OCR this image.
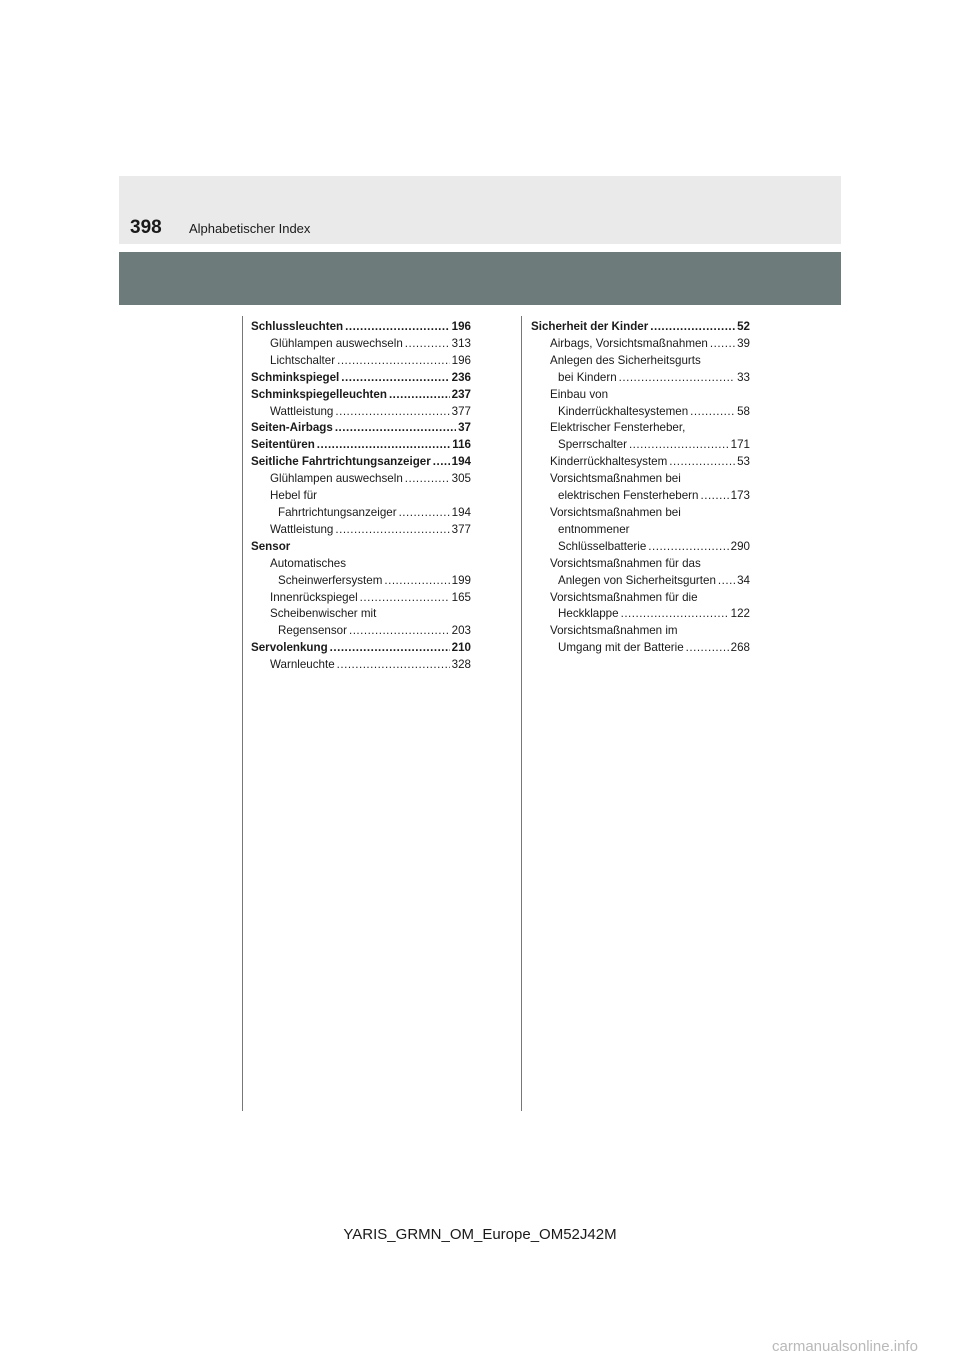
398 Alphabetischer Index
Schlussleuchten .....	196
Glühlampen auswechseln .....	313
Lichtschalter .....	196
Schminkspiegel .....	236
Schminkspiegelleuchten .....	237
Wattleistung .....	377
Seiten-Airbags .....	37
Seitentüren .....	116
Seitliche Fahrtrichtungsanzeiger ..... 194
Glühlampen auswechseln .....	305
Hebel für
Fahrtrichtungsanzeiger .....	194
Wattleistung .....	377
Sensor
Automatisches
Scheinwerfersystem .....	199
Innenrückspiegel .....	165
Scheibenwischer mit
Regensensor .....	203
Servolenkung .....	210
Warnleuchte .....	328
Sicherheit der Kinder .....	52
Airbags, Vorsichtsmaßnahmen .....	39
Anlegen des Sicherheitsgurts
bei Kindern .....	33
Einbau von
Kinderrückhaltesystemen .....	58
Elektrischer Fensterheber,
Sperrschalter .....	171
Kinderrückhaltesystem .....	53
Vorsichtsmaßnahmen bei
elektrischen Fensterhebern .....	173
Vorsichtsmaßnahmen bei
entnommener
Schlüsselbatterie .....	290
Vorsichtsmaßnahmen für das
Anlegen von Sicherheitsgurten ..... 34
Vorsichtsmaßnahmen für die
Heckklappe .....	122
Vorsichtsmaßnahmen im
Umgang mit der Batterie .....	268
YARIS_GRMN_OM_Europe_OM52J42M
carmanualsonline.info
